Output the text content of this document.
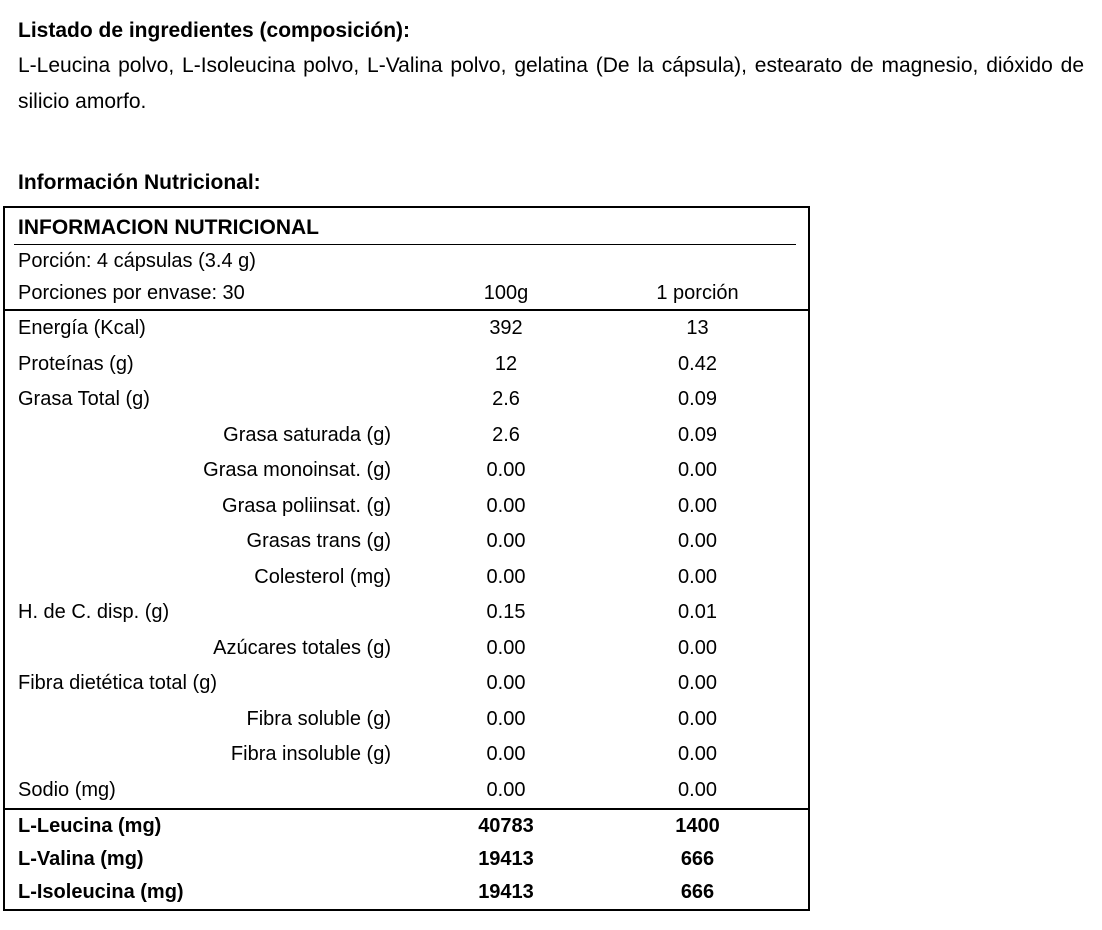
Listado de ingredientes (composición):

L-Leucina polvo, L-Isoleucina polvo, L-Valina polvo, gelatina (De la cápsula), estearato de magnesio, dióxido de silicio amorfo.

Información Nutricional:

INFORMACION NUTRICIONAL
Porción: 4 cápsulas (3.4 g)
Porciones por envase: 30	100g	1 porción
Energía (Kcal)	392	13
Proteínas (g)	12	0.42
Grasa Total (g)	2.6	0.09
Grasa saturada (g)	2.6	0.09
Grasa monoinsat. (g)	0.00	0.00
Grasa poliinsat. (g)	0.00	0.00
Grasas trans (g)	0.00	0.00
Colesterol (mg)	0.00	0.00
H. de C. disp. (g)	0.15	0.01
Azúcares totales (g)	0.00	0.00
Fibra dietética total (g)	0.00	0.00
Fibra soluble (g)	0.00	0.00
Fibra insoluble (g)	0.00	0.00
Sodio (mg)	0.00	0.00
L-Leucina (mg)	40783	1400
L-Valina (mg)	19413	666
L-Isoleucina (mg)	19413	666
